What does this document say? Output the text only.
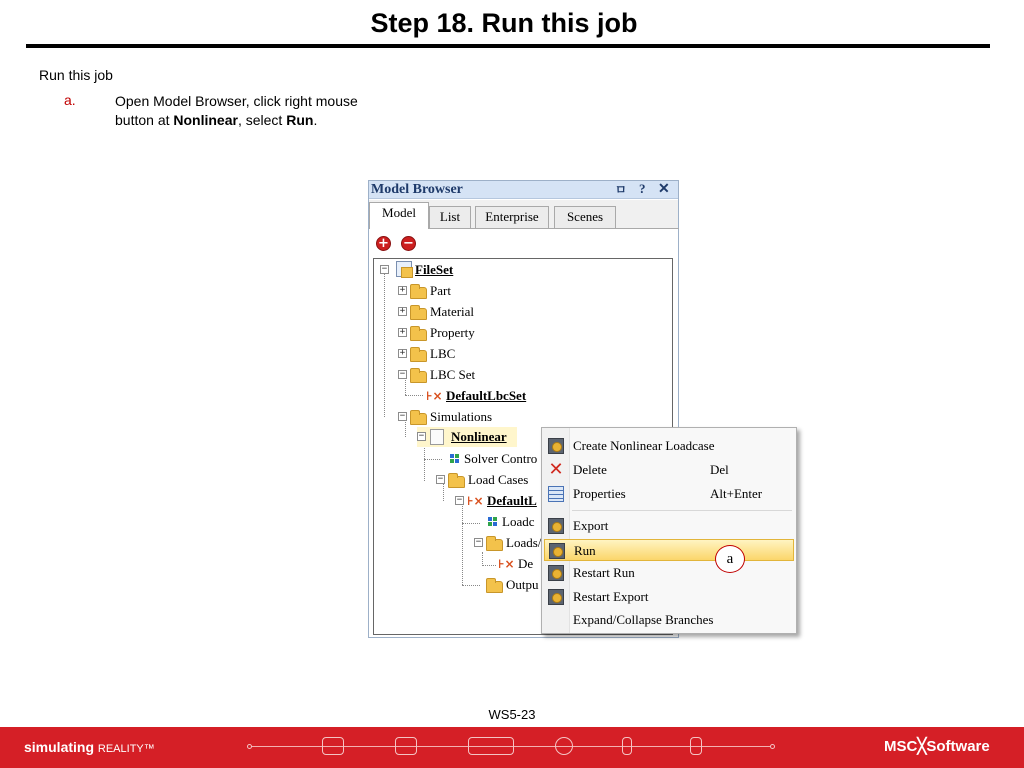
Step 18. Run this job
Run this job
a.	Open Model Browser, click right mouse button at Nonlinear, select Run.
Model Browser	ㅁ ? ✕
Model	List	Enterprise	Scenes
+ −
− FileSet
+ Part
+ Material
+ Property
+ LBC
− LBC Set
⊦× DefaultLbcSet
− Simulations
− Nonlinear
Solver Contro
− Load Cases
− ⊦× DefaultL
Loadc
− Loads/
⊦× De
Outpu
Create Nonlinear Loadcase
✕ Delete	Del
Properties	Alt+Enter
Export
Run
Restart Run
Restart Export
Expand/Collapse Branches
a
WS5-23
simulating REALITY™	MSC╳Software
